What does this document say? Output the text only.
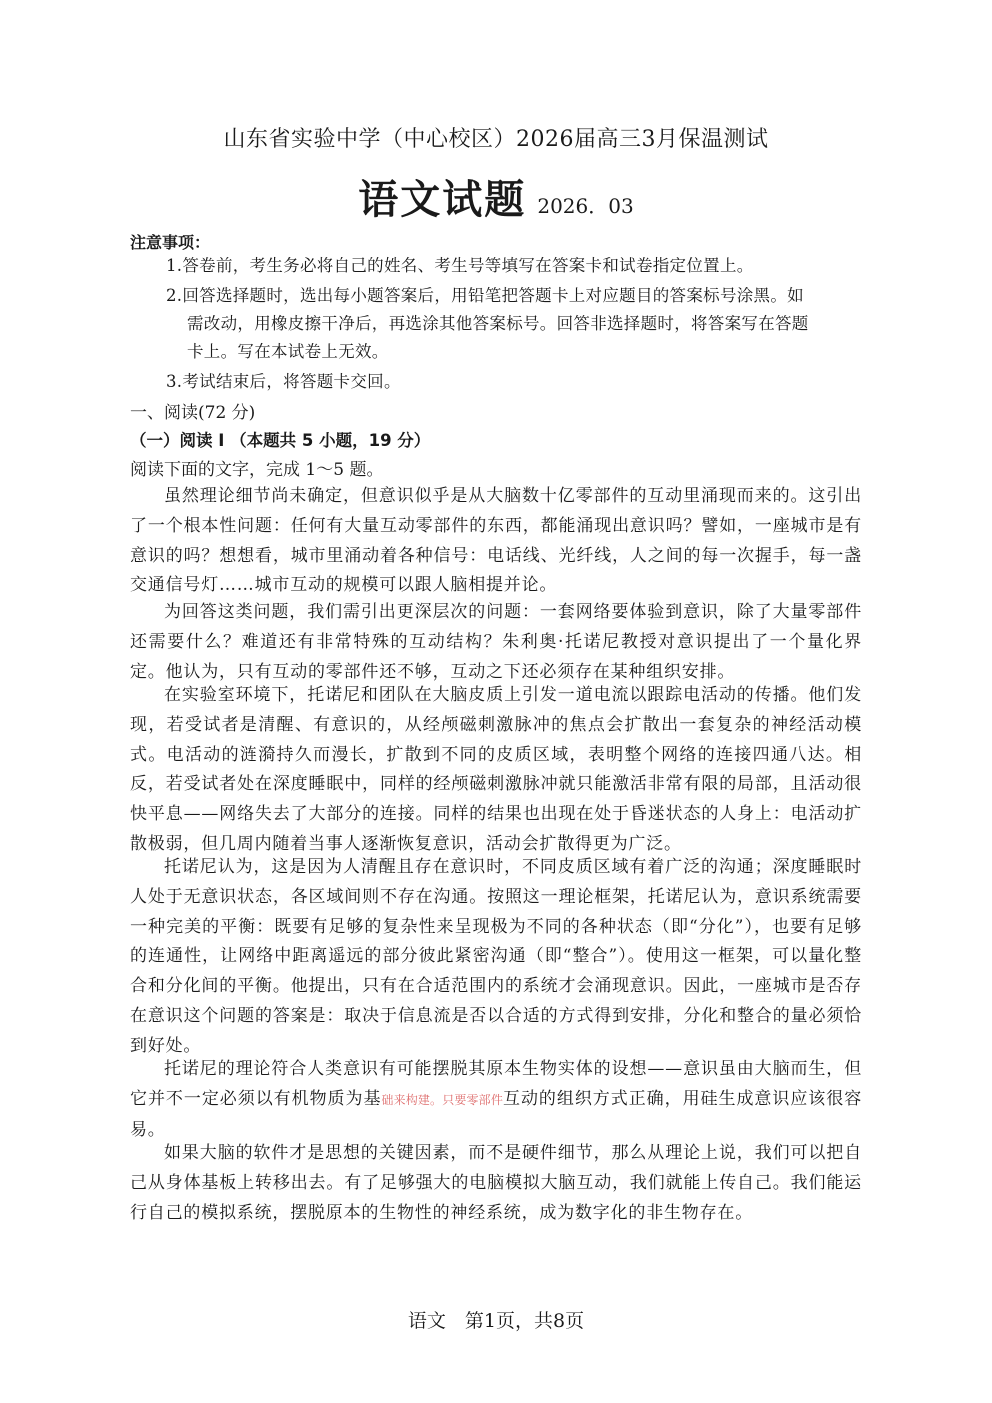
山东省实验中学（中心校区）2026届高三3月保温测试
语文试题 2026．03
注意事项：
1.答卷前，考生务必将自己的姓名、考生号等填写在答案卡和试卷指定位置上。
2.回答选择题时，选出每小题答案后，用铅笔把答题卡上对应题目的答案标号涂黑。如
需改动，用橡皮擦干净后，再选涂其他答案标号。回答非选择题时，将答案写在答题
卡上。写在本试卷上无效。
3.考试结束后，将答题卡交回。
一、阅读(72 分)
（一）阅读 I （本题共 5 小题，19 分）
阅读下面的文字，完成 1～5 题。

虽然理论细节尚未确定，但意识似乎是从大脑数十亿零部件的互动里涌现而来的。这引出了一个根本性问题：任何有大量互动零部件的东西，都能涌现出意识吗？譬如，一座城市是有意识的吗？想想看，城市里涌动着各种信号：电话线、光纤线，人之间的每一次握手，每一盏交通信号灯……城市互动的规模可以跟人脑相提并论。

为回答这类问题，我们需引出更深层次的问题：一套网络要体验到意识，除了大量零部件还需要什么？难道还有非常特殊的互动结构？朱利奥·托诺尼教授对意识提出了一个量化界定。他认为，只有互动的零部件还不够，互动之下还必须存在某种组织安排。

在实验室环境下，托诺尼和团队在大脑皮质上引发一道电流以跟踪电活动的传播。他们发现，若受试者是清醒、有意识的，从经颅磁刺激脉冲的焦点会扩散出一套复杂的神经活动模式。电活动的涟漪持久而漫长，扩散到不同的皮质区域，表明整个网络的连接四通八达。相反，若受试者处在深度睡眠中，同样的经颅磁刺激脉冲就只能激活非常有限的局部，且活动很快平息——网络失去了大部分的连接。同样的结果也出现在处于昏迷状态的人身上：电活动扩散极弱，但几周内随着当事人逐渐恢复意识，活动会扩散得更为广泛。

托诺尼认为，这是因为人清醒且存在意识时，不同皮质区域有着广泛的沟通；深度睡眠时人处于无意识状态，各区域间则不存在沟通。按照这一理论框架，托诺尼认为，意识系统需要一种完美的平衡：既要有足够的复杂性来呈现极为不同的各种状态（即“分化”），也要有足够的连通性，让网络中距离遥远的部分彼此紧密沟通（即“整合”）。使用这一框架，可以量化整合和分化间的平衡。他提出，只有在合适范围内的系统才会涌现意识。因此，一座城市是否存在意识这个问题的答案是：取决于信息流是否以合适的方式得到安排，分化和整合的量必须恰到好处。

托诺尼的理论符合人类意识有可能摆脱其原本生物实体的设想——意识虽由大脑而生，但它并不一定必须以有机物质为基础来构建。只要零部件互动的组织方式正确，用硅生成意识应该很容易。

如果大脑的软件才是思想的关键因素，而不是硬件细节，那么从理论上说，我们可以把自己从身体基板上转移出去。有了足够强大的电脑模拟大脑互动，我们就能上传自己。我们能运行自己的模拟系统，摆脱原本的生物性的神经系统，成为数字化的非生物存在。

语文　第1页，共8页
